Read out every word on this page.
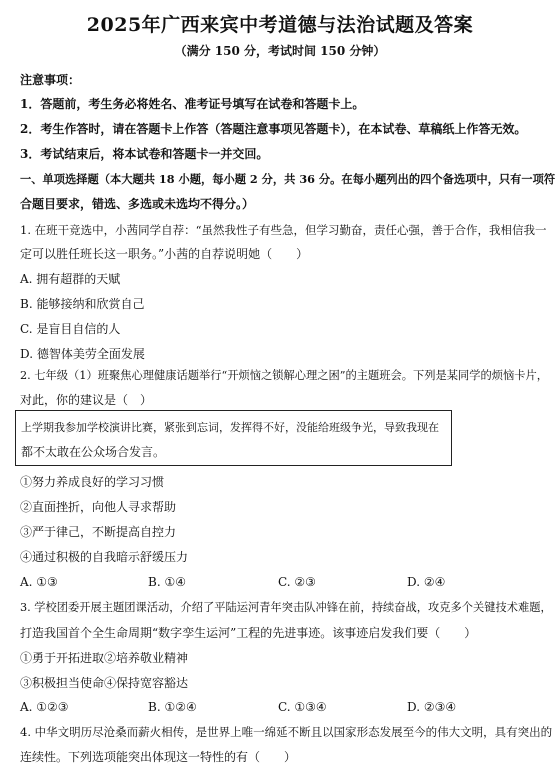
2025年广西来宾中考道德与法治试题及答案
（满分 150 分，考试时间 150 分钟）
注意事项：
1．答题前，考生务必将姓名、准考证号填写在试卷和答题卡上。
2．考生作答时，请在答题卡上作答（答题注意事项见答题卡），在本试卷、草稿纸上作答无效。
3．考试结束后，将本试卷和答题卡一并交回。
一、单项选择题（本大题共 18 小题，每小题 2 分，共 36 分。在每小题列出的四个备选项中，只有一项符
合题目要求，错选、多选或未选均不得分。）
1. 在班干竞选中，小茜同学自荐：“虽然我性子有些急，但学习勤奋，责任心强，善于合作，我相信我一
定可以胜任班长这一职务。”小茜的自荐说明她（　　）
A. 拥有超群的天赋
B. 能够接纳和欣赏自己
C. 是盲目自信的人
D. 德智体美劳全面发展
2. 七年级（1）班聚焦心理健康话题举行“开烦恼之锁解心理之困”的主题班会。下列是某同学的烦恼卡片，
对此，你的建议是（　）
上学期我参加学校演讲比赛，紧张到忘词，发挥得不好，没能给班级争光，导致我现在
都不太敢在公众场合发言。
①努力养成良好的学习习惯
②直面挫折，向他人寻求帮助
③严于律己，不断提高自控力
④通过积极的自我暗示舒缓压力
A. ①③	B. ①④	C. ②③	D. ②④
3. 学校团委开展主题团课活动，介绍了平陆运河青年突击队冲锋在前，持续奋战，攻克多个关键技术难题，
打造我国首个全生命周期“数字孪生运河”工程的先进事迹。该事迹启发我们要（　　）
①勇于开拓进取②培养敬业精神
③积极担当使命④保持宽容豁达
A. ①②③	B. ①②④	C. ①③④	D. ②③④
4. 中华文明历尽沧桑而薪火相传，是世界上唯一绵延不断且以国家形态发展至今的伟大文明，具有突出的
连续性。下列选项能突出体现这一特性的有（　　）
